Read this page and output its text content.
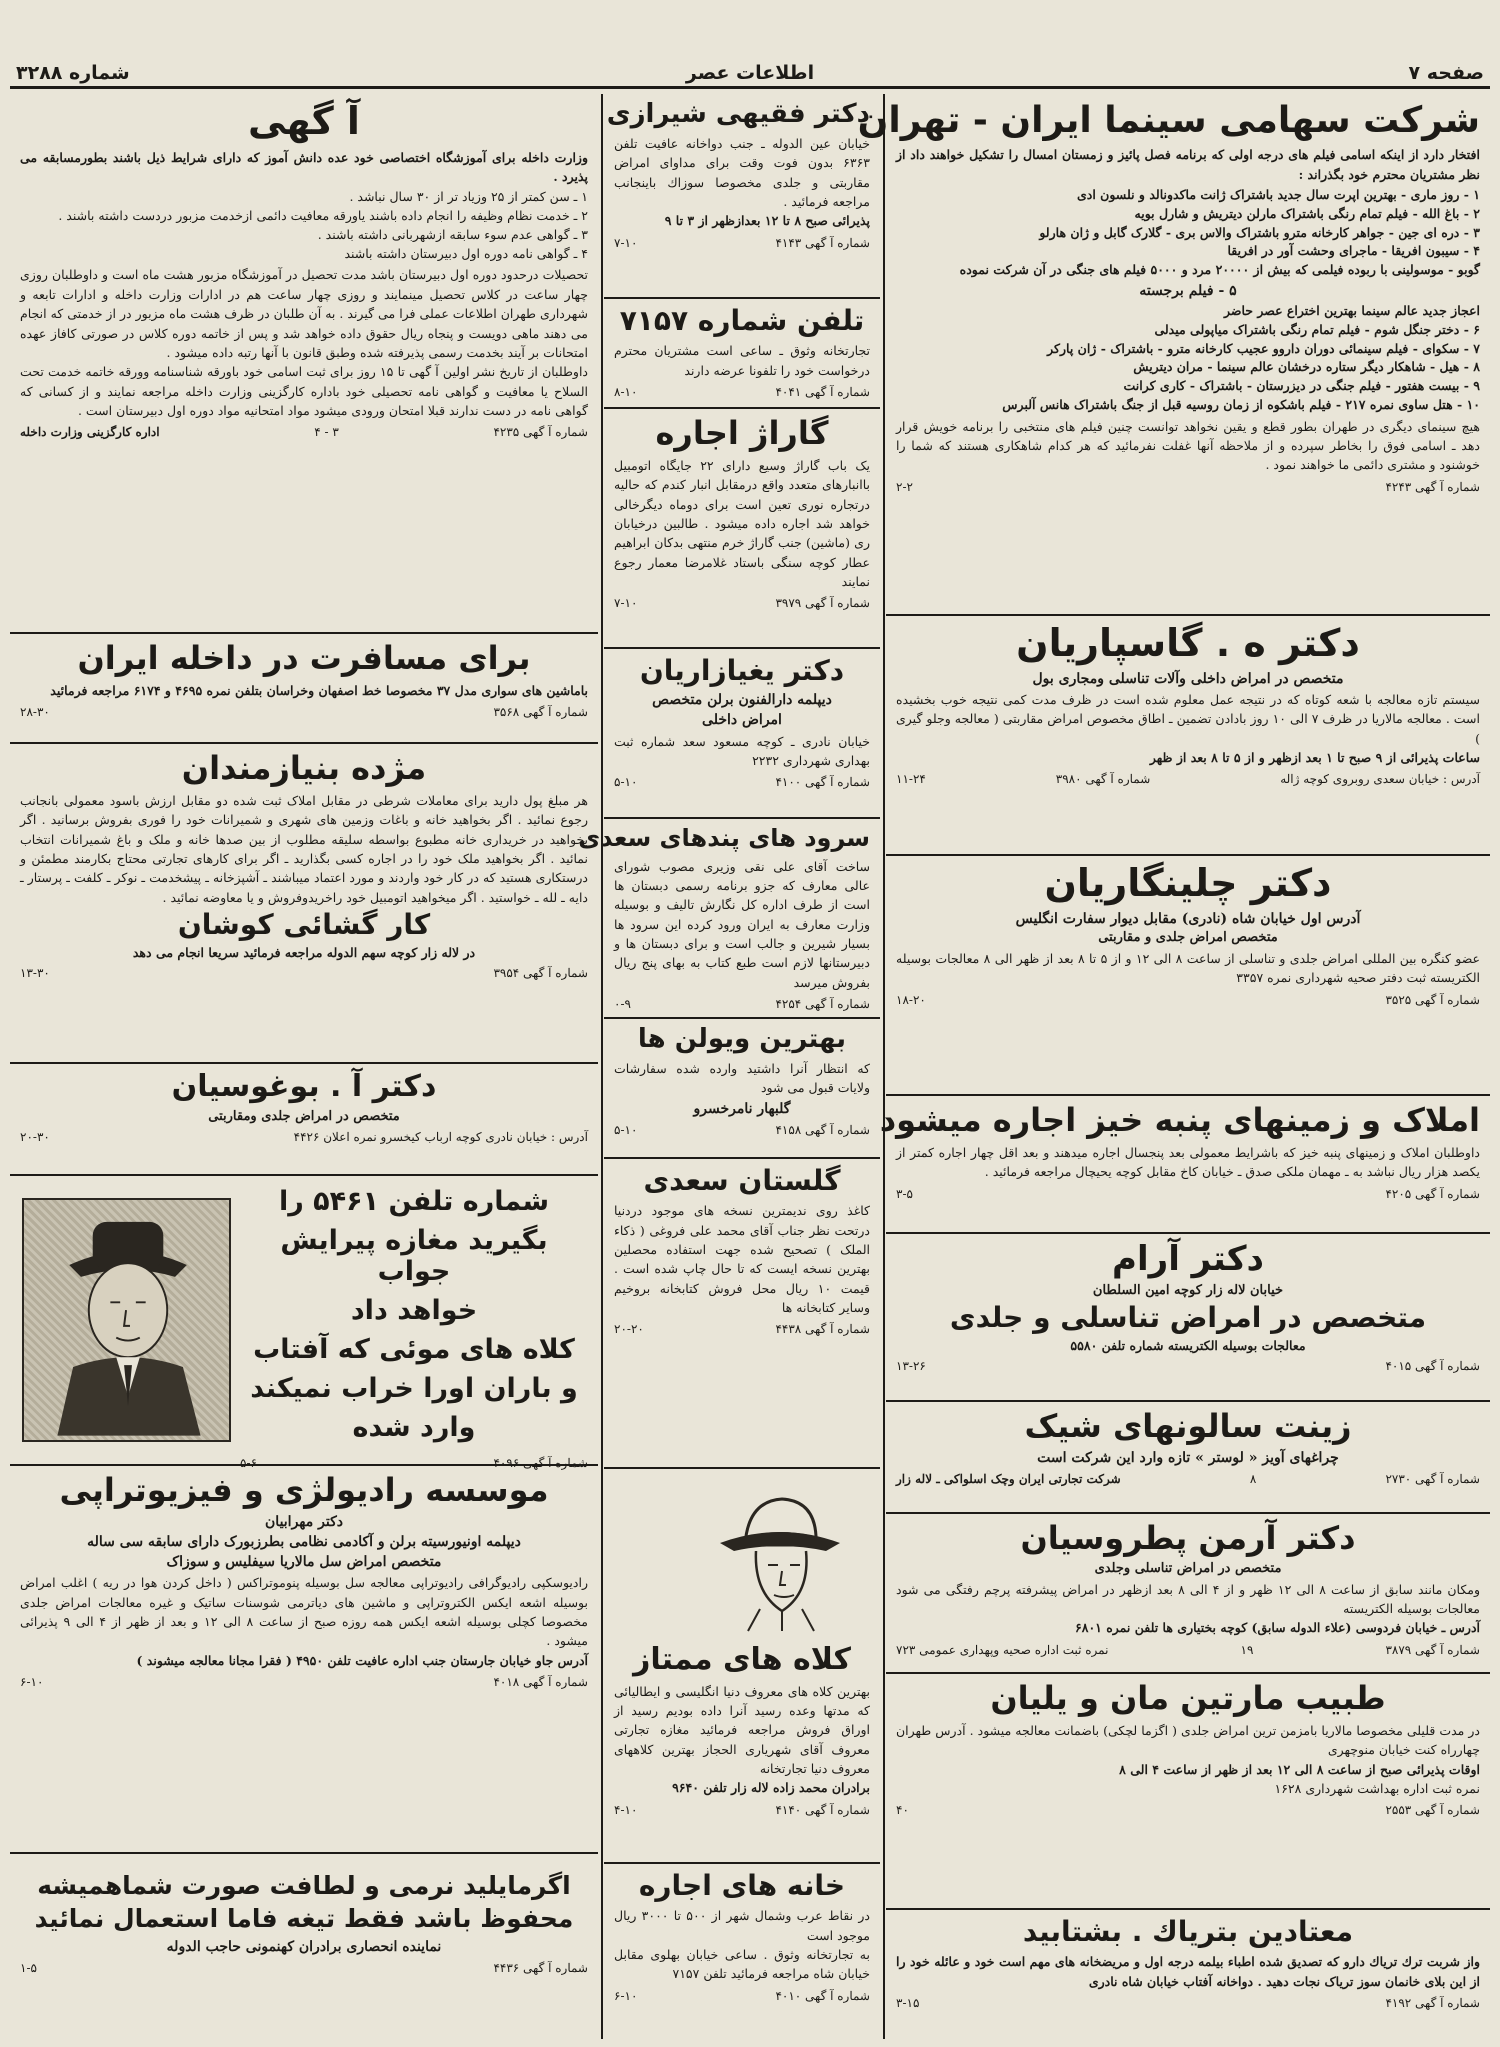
صفحه ۷
اطلاعات عصر
شماره ۳۲۸۸
شرکت سهامی سینما ایران - تهران

افتخار دارد از اینکه اسامی فیلم های درجه اولی که برنامه فصل پائیز و زمستان امسال را تشکیل خواهند داد از نظر مشتریان محترم خود بگذراند :

۱ - روز ماری - بهترین اپرت سال جدید باشتراک ژانت ماکدونالد و نلسون ادی
۲ - باغ الله - فیلم تمام رنگی باشتراک مارلن دیتریش و شارل بویه
۳ - دره ای جین - جواهر کارخانه مترو باشتراک والاس بری - گلارک گابل و ژان هارلو
۴ - سیبون افریقا - ماجرای وحشت آور در افریقا
گوبو - موسولینی با ربوده فیلمی که بیش از ۲۰۰۰۰ مرد و ۵۰۰۰ فیلم های جنگی در آن شرکت نموده
۵ - فیلم برجسته
اعجاز جدید عالم سینما بهترین اختراع عصر حاضر
۶ - دختر جنگل شوم - فیلم تمام رنگی باشتراک میاپولی میدلی
۷ - سکوای - فیلم سینمائی دوران داروو عجیب کارخانه مترو - باشتراک - ژان پارکر
۸ - هیل - شاهکار دیگر ستاره درخشان عالم سینما - مران دیتریش
۹ - بیست هفتور - فیلم جنگی در دیزرستان - باشتراک - کاری کرانت
۱۰ - هتل ساوی نمره ۲۱۷ - فیلم باشکوه از زمان روسیه قبل از جنگ باشتراک هانس آلبرس

هیچ سینمای دیگری در طهران بطور قطع و یقین نخواهد توانست چنین فیلم های منتخبی را برنامه خویش قرار دهد ـ اسامی فوق را بخاطر سپرده و از ملاحظه آنها غفلت نفرمائید که هر کدام شاهکاری هستند که شما را خوشنود و مشتری دائمی ما خواهند نمود .

شماره آ گهی ۴۲۴۳
۲-۲
دکتر ه . گاسپاریان
متخصص در امراض داخلی وآلات تناسلی ومجاری بول

سیستم تازه معالجه با شعه کوتاه که در نتیجه عمل معلوم شده است در ظرف مدت کمی نتیجه خوب بخشیده است . معالجه مالاریا در ظرف ۷ الی ۱۰ روز بادادن تضمین ـ اطاق مخصوص امراض مقاربتی ( معالجه وجلو گیری )

ساعات پذیرائی از ۹ صبح تا ۱ بعد ازظهر و از ۵ تا ۸ بعد از ظهر

آدرس : خیابان سعدی روبروی کوچه ژاله
شماره آ گهی ۳۹۸۰
۱۱-۲۴
دکتر چلینگاریان
آدرس اول خیابان شاه (نادری) مقابل دیوار سفارت انگلیس
متخصص امراض جلدی و مقاربتی

عضو کنگره بین المللی امراض جلدی و تناسلی از ساعت ۸ الی ۱۲ و از ۵ تا ۸ بعد از ظهر الی ۸ معالجات بوسیله الکتریسته ثبت دفتر صحیه شهرداری نمره ۳۳۵۷

شماره آ گهی ۳۵۲۵
۱۸-۲۰
املاک و زمینهای پنبه خیز اجاره میشود

داوطلبان املاک و زمینهای پنبه خیز که باشرایط معمولی بعد پنجسال اجاره میدهند و بعد اقل چهار اجاره کمتر از یکصد هزار ریال نباشد به ـ مهمان ملکی صدق ـ خیابان کاخ مقابل کوچه یحیچال مراجعه فرمائید .

شماره آ گهی ۴۲۰۵
۳-۵
دکتر آرام
خیابان لاله زار کوچه امین السلطان
متخصص در امراض تناسلی و جلدی
معالجات بوسیله الکتریسته شماره تلفن ۵۵۸۰
شماره آ گهی ۴۰۱۵
۱۳-۲۶
زینت سالونهای شیک
چراغهای آویز « لوستر » تازه وارد این شرکت است
شماره آ گهی ۲۷۳۰
۸
شرکت تجارتی ایران وچک اسلواکی ـ لاله زار
دکتر آرمن پطروسیان
متخصص در امراض تناسلی وجلدی

ومکان مانند سابق از ساعت ۸ الی ۱۲ ظهر و از ۴ الی ۸ بعد ازظهر در امراض پیشرفته پرچم رفتگی می شود معالجات بوسیله الکتریسته

آدرس ـ خیابان فردوسی (علاء الدوله سابق) کوچه بختیاری ها تلفن نمره ۶۸۰۱

شماره آ گهی ۳۸۷۹
۱۹
نمره ثبت اداره صحیه وپهداری عمومی ۷۲۳
طبیب مارتین مان و یلیان

در مدت قلیلی مخصوصا مالاریا بامزمن ترین امراض جلدی ( اگزما لچکی) باضمانت معالجه میشود . آدرس طهران چهارراه کنت خیابان منوچهری

اوقات پذیرائی صبح از ساعت ۸ الی ۱۲ بعد از ظهر از ساعت ۴ الی ۸

نمره ثبت اداره بهداشت شهرداری ۱۶۲۸

شماره آ گهی ۲۵۵۳
۴۰
معتادین بتریاك . بشتابید

واز شربت ترك تریاك دارو که تصدیق شده اطباء بیلمه درجه اول و مریضخانه های مهم است خود و عائله خود را از این بلای خانمان سوز تریاک نجات دهید . دواخانه آفتاب خیابان شاه نادری

شماره آ گهی ۴۱۹۲
۳-۱۵
دکتر فقیهی شیرازی

خیابان عین الدوله ـ جنب دواخانه عافیت تلفن ۶۳۶۳ بدون فوت وقت برای مداوای امراض مقاربتی و جلدی مخصوصا سوزاك باینجانب مراجعه فرمائید .

پذیرائی صبح ۸ تا ۱۲ بعدازظهر از ۳ تا ۹

شماره آ گهی ۴۱۴۳
۷-۱۰
تلفن شماره ۷۱۵۷

تجارتخانه وثوق ـ ساعی است مشتریان محترم درخواست خود را تلفونا عرضه دارند

شماره آ گهی ۴۰۴۱
۸-۱۰
گاراژ اجاره

یک باب گاراژ وسیع دارای ۲۲ جایگاه اتومبیل باانبارهای متعدد واقع درمقابل انبار کندم که حالیه درتجاره نوری تعین است برای دوماه دیگرخالی خواهد شد اجاره داده میشود . طالبین درخیابان ری (ماشین) جنب گاراژ خرم منتهی بدکان ابراهیم عطار کوچه سنگی باستاد غلامرضا معمار رجوع نمایند

شماره آ گهی ۳۹۷۹
۷-۱۰
دکتر یغیازاریان
دیپلمه دارالفنون برلن متخصص
امراض داخلی

خیابان نادری ـ کوچه مسعود سعد شماره ثبت بهداری شهرداری ۲۲۳۲

شماره آ گهی ۴۱۰۰
۵-۱۰
سرود های پندهای سعدی

ساخت آقای علی نقی وزیری مصوب شورای عالی معارف که جزو برنامه رسمی دبستان ها است از طرف اداره کل نگارش تالیف و بوسیله وزارت معارف به ایران ورود کرده این سرود ها بسیار شیرین و جالب است و برای دبستان ها و دبیرستانها لازم است طبع کتاب به بهای پنج ریال بفروش میرسد

شماره آ گهی ۴۲۵۴
۰-۹
بهترین ویولن ها

که انتظار آنرا داشتید وارده شده سفارشات ولایات قبول می شود

گلبهار نامرخسرو
شماره آ گهی ۴۱۵۸
۵-۱۰
گلستان سعدی

کاغذ روی ندیمترین نسخه های موجود دردنیا درتحت نظر جناب آقای محمد علی فروغی ( ذکاء الملک ) تصحیح شده جهت استفاده محصلین بهترین نسخه ایست که تا حال چاپ شده است . قیمت ۱۰ ریال محل فروش کتابخانه بروخیم وسایر کتابخانه ها

شماره آ گهی ۴۴۳۸
۲۰-۲۰
کلاه های ممتاز

بهترین کلاه های معروف دنیا انگلیسی و ایطالیائی که مدتها وعده رسید آنرا داده بودیم رسید از اوراق فروش مراجعه فرمائید مغازه تجارتی معروف آقای شهریاری الحجاز بهترین کلاههای معروف دنیا تجارتخانه

برادران محمد زاده لاله زار تلفن ۹۶۴۰

شماره آ گهی ۴۱۴۰
۴-۱۰
خانه های اجاره

در نقاط عرب وشمال شهر از ۵۰۰ تا ۳۰۰۰ ریال موجود است

به تجارتخانه وثوق . ساعی خیابان بهلوی مقابل خیابان شاه مراجعه فرمائید تلفن ۷۱۵۷

شماره آ گهی ۴۰۱۰
۶-۱۰
آ گهی

وزارت داخله برای آموزشگاه اختصاصی خود عده دانش آموز که دارای شرایط ذیل باشند بطورمسابقه می پذیرد .

۱ ـ سن کمتر از ۲۵ وزیاد تر از ۳۰ سال نباشد .
۲ ـ خدمت نظام وظیفه را انجام داده باشند یاورقه معافیت دائمی ازخدمت مزبور دردست داشته باشند .
۳ ـ گواهی عدم سوء سابقه ازشهربانی داشته باشند .
۴ ـ گواهی نامه دوره اول دبیرستان داشته باشند

تحصیلات درحدود دوره اول دبیرستان باشد مدت تحصیل در آموزشگاه مزبور هشت ماه است و داوطلبان روزی چهار ساعت در کلاس تحصیل مینمایند و روزی چهار ساعت هم در ادارات وزارت داخله و ادارات تابعه و شهرداری طهران اطلاعات عملی فرا می گیرند . به آن طلبان در ظرف هشت ماه مزبور در از خدمتی که انجام می دهند ماهی دویست و پنجاه ریال حقوق داده خواهد شد و پس از خاتمه دوره کلاس در صورتی کافاز عهده امتحانات بر آیند بخدمت رسمی پذیرفته شده وطبق قانون با آنها رتبه داده میشود .

داوطلبان از تاریخ نشر اولین آ گهی تا ۱۵ روز برای ثبت اسامی خود باورقه شناسنامه وورقه خاتمه خدمت تحت السلاح یا معافیت و گواهی نامه تحصیلی خود باداره کارگزینی وزارت داخله مراجعه نمایند و از کسانی که گواهی نامه در دست ندارند قبلا امتحان ورودی میشود مواد امتحانیه مواد دوره اول دبیرستان است .

شماره آ گهی ۴۲۳۵
۳ - ۴
اداره کارگزینی وزارت داخله
برای مسافرت در داخله ایران

باماشین های سواری مدل ۳۷ مخصوصا خط اصفهان وخراسان بتلفن نمره ۴۶۹۵ و ۶۱۷۴ مراجعه فرمائید

شماره آ گهی ۳۵۶۸
۲۸-۳۰
مژده بنیازمندان

هر مبلغ پول دارید برای معاملات شرطی در مقابل املاک ثبت شده دو مقابل ارزش باسود معمولی بانجانب رجوع نمائید . اگر بخواهید خانه و باغات وزمین های شهری و شمیرانات خود را فوری بفروش برسانید . اگر بخواهید در خریداری خانه مطبوع بواسطه سلیقه مطلوب از بین صدها خانه و ملک و باغ شمیرانات انتخاب نمائید . اگر بخواهید ملک خود را در اجاره کسی بگذارید ـ اگر برای کارهای تجارتی محتاج بکارمند مطمئن و درستکاری هستید که در کار خود واردند و مورد اعتماد میباشند ـ آشپزخانه ـ پیشخدمت ـ نوکر ـ کلفت ـ پرستار ـ دایه ـ لله ـ خواستید . اگر میخواهید اتومبیل خود راخریدوفروش و یا معاوضه نمائید .

کار گشائی کوشان
در لاله زار کوچه سهم الدوله مراجعه فرمائید سریعا انجام می دهد
شماره آ گهی ۳۹۵۴
۱۳-۳۰
دکتر آ . بوغوسیان
متخصص در امراض جلدی ومقاربتی
آدرس : خیابان نادری کوچه ارباب کیخسرو نمره اعلان ۴۴۲۶
۲۰-۳۰
شماره تلفن ۵۴۶۱ را
بگیرید مغازه پیرایش جواب
خواهد داد
کلاه های موئی که آفتاب
و باران اورا خراب نمیکند
وارد شده
شماره آ گهی ۴۰۹۶
۵-۶
موسسه رادیولژی و فیزیوتراپی
دکتر مهرابیان
دیپلمه اونیورسیته برلن و آکادمی نظامی بطرزبورک دارای سابقه سی ساله
متخصص امراض سل مالاریا سیفلیس و سوزاک

رادیوسکپی رادیوگرافی رادیوتراپی معالجه سل بوسیله پنوموتراکس ( داخل کردن هوا در ریه ) اغلب امراض بوسیله اشعه ایکس الکتروتراپی و ماشین های دیاترمی شوسنات ساتیک و غیره معالجات امراض جلدی مخصوصا کچلی بوسیله اشعه ایکس همه روزه صبح از ساعت ۸ الی ۱۲ و بعد از ظهر از ۴ الی ۹ پذیرائی میشود .

آدرس جاو خیابان جارستان جنب اداره عافیت تلفن ۴۹۵۰ ( فقرا مجانا معالجه میشوند )

شماره آ گهی ۴۰۱۸
۶-۱۰
اگرمایلید نرمی و لطافت صورت شماهمیشه
محفوظ باشد فقط تیغه فاما استعمال نمائید
نماینده انحصاری برادران کهنمونی حاجب الدوله
شماره آ گهی ۴۴۳۶
۱-۵
